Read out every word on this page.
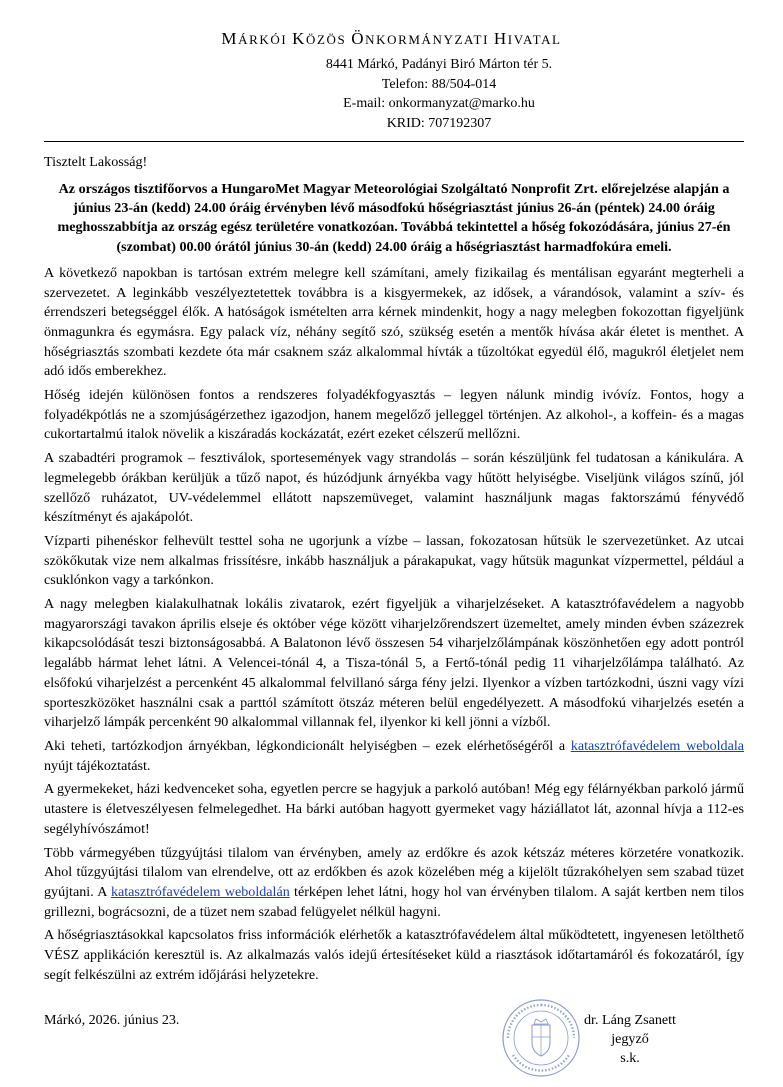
MÁRKÓI KÖZÖS ÖNKORMÁNYZATI HIVATAL
8441 Márkó, Padányi Biró Márton tér 5.
Telefon: 88/504-014
E-mail: onkormanyzat@marko.hu
KRID: 707192307

Tisztelt Lakosság!

Az országos tisztifőorvos a HungaroMet Magyar Meteorológiai Szolgáltató Nonprofit Zrt. előrejelzése alapján a június 23-án (kedd) 24.00 óráig érvényben lévő másodfokú hőségriasztást június 26-án (péntek) 24.00 óráig meghosszabbítja az ország egész területére vonatkozóan. Továbbá tekintettel a hőség fokozódására, június 27-én (szombat) 00.00 órától június 30-án (kedd) 24.00 óráig a hőségriasztást harmadfokúra emeli.

A következő napokban is tartósan extrém melegre kell számítani, amely fizikailag és mentálisan egyaránt megterheli a szervezetet. A leginkább veszélyeztetettek továbbra is a kisgyermekek, az idősek, a várandósok, valamint a szív- és érrendszeri betegséggel élők. A hatóságok ismételten arra kérnek mindenkit, hogy a nagy melegben fokozottan figyeljünk önmagunkra és egymásra. Egy palack víz, néhány segítő szó, szükség esetén a mentők hívása akár életet is menthet. A hőségriasztás szombati kezdete óta már csaknem száz alkalommal hívták a tűzoltókat egyedül élő, magukról életjelet nem adó idős emberekhez.

Hőség idején különösen fontos a rendszeres folyadékfogyasztás – legyen nálunk mindig ivóvíz. Fontos, hogy a folyadékpótlás ne a szomjúságérzethez igazodjon, hanem megelőző jelleggel történjen. Az alkohol-, a koffein- és a magas cukortartalmú italok növelik a kiszáradás kockázatát, ezért ezeket célszerű mellőzni.

A szabadtéri programok – fesztiválok, sportesemények vagy strandolás – során készüljünk fel tudatosan a kánikulára. A legmelegebb órákban kerüljük a tűző napot, és húzódjunk árnyékba vagy hűtött helyiségbe. Viseljünk világos színű, jól szellőző ruházatot, UV-védelemmel ellátott napszemüveget, valamint használjunk magas faktorszámú fényvédő készítményt és ajakápolót.

Vízparti pihenéskor felhevült testtel soha ne ugorjunk a vízbe – lassan, fokozatosan hűtsük le szervezetünket. Az utcai szökőkutak vize nem alkalmas frissítésre, inkább használjuk a párakapukat, vagy hűtsük magunkat vízpermettel, például a csuklónkon vagy a tarkónkon.

A nagy melegben kialakulhatnak lokális zivatarok, ezért figyeljük a viharjelzéseket. A katasztrófavédelem a nagyobb magyarországi tavakon április elseje és október vége között viharjelzőrendszert üzemeltet, amely minden évben százezrek kikapcsolódását teszi biztonságosabbá. A Balatonon lévő összesen 54 viharjelzőlámpának köszönhetően egy adott pontról legalább hármat lehet látni. A Velencei-tónál 4, a Tisza-tónál 5, a Fertő-tónál pedig 11 viharjelzőlámpa található. Az elsőfokú viharjelzést a percenként 45 alkalommal felvillanó sárga fény jelzi. Ilyenkor a vízben tartózkodni, úszni vagy vízi sporteszközöket használni csak a parttól számított ötszáz méteren belül engedélyezett. A másodfokú viharjelzés esetén a viharjelző lámpák percenként 90 alkalommal villannak fel, ilyenkor ki kell jönni a vízből.

Aki teheti, tartózkodjon árnyékban, légkondicionált helyiségben – ezek elérhetőségéről a katasztrófavédelem weboldala nyújt tájékoztatást.

A gyermekeket, házi kedvenceket soha, egyetlen percre se hagyjuk a parkoló autóban! Még egy félárnyékban parkoló jármű utastere is életveszélyesen felmelegedhet. Ha bárki autóban hagyott gyermeket vagy háziállatot lát, azonnal hívja a 112-es segélyhívószámot!

Több vármegyében tűzgyújtási tilalom van érvényben, amely az erdőkre és azok kétszáz méteres körzetére vonatkozik. Ahol tűzgyújtási tilalom van elrendelve, ott az erdőkben és azok közelében még a kijelölt tűzrakóhelyen sem szabad tüzet gyújtani. A katasztrófavédelem weboldalán térképen lehet látni, hogy hol van érvényben tilalom. A saját kertben nem tilos grillezni, bográcsozni, de a tüzet nem szabad felügyelet nélkül hagyni.

A hőségriasztásokkal kapcsolatos friss információk elérhetők a katasztrófavédelem által működtetett, ingyenesen letölthető VÉSZ applikáción keresztül is. Az alkalmazás valós idejű értesítéseket küld a riasztások időtartamáról és fokozatáról, így segít felkészülni az extrém időjárási helyzetekre.

Márkó, 2026. június 23.	dr. Láng Zsanett
jegyző
s.k.
